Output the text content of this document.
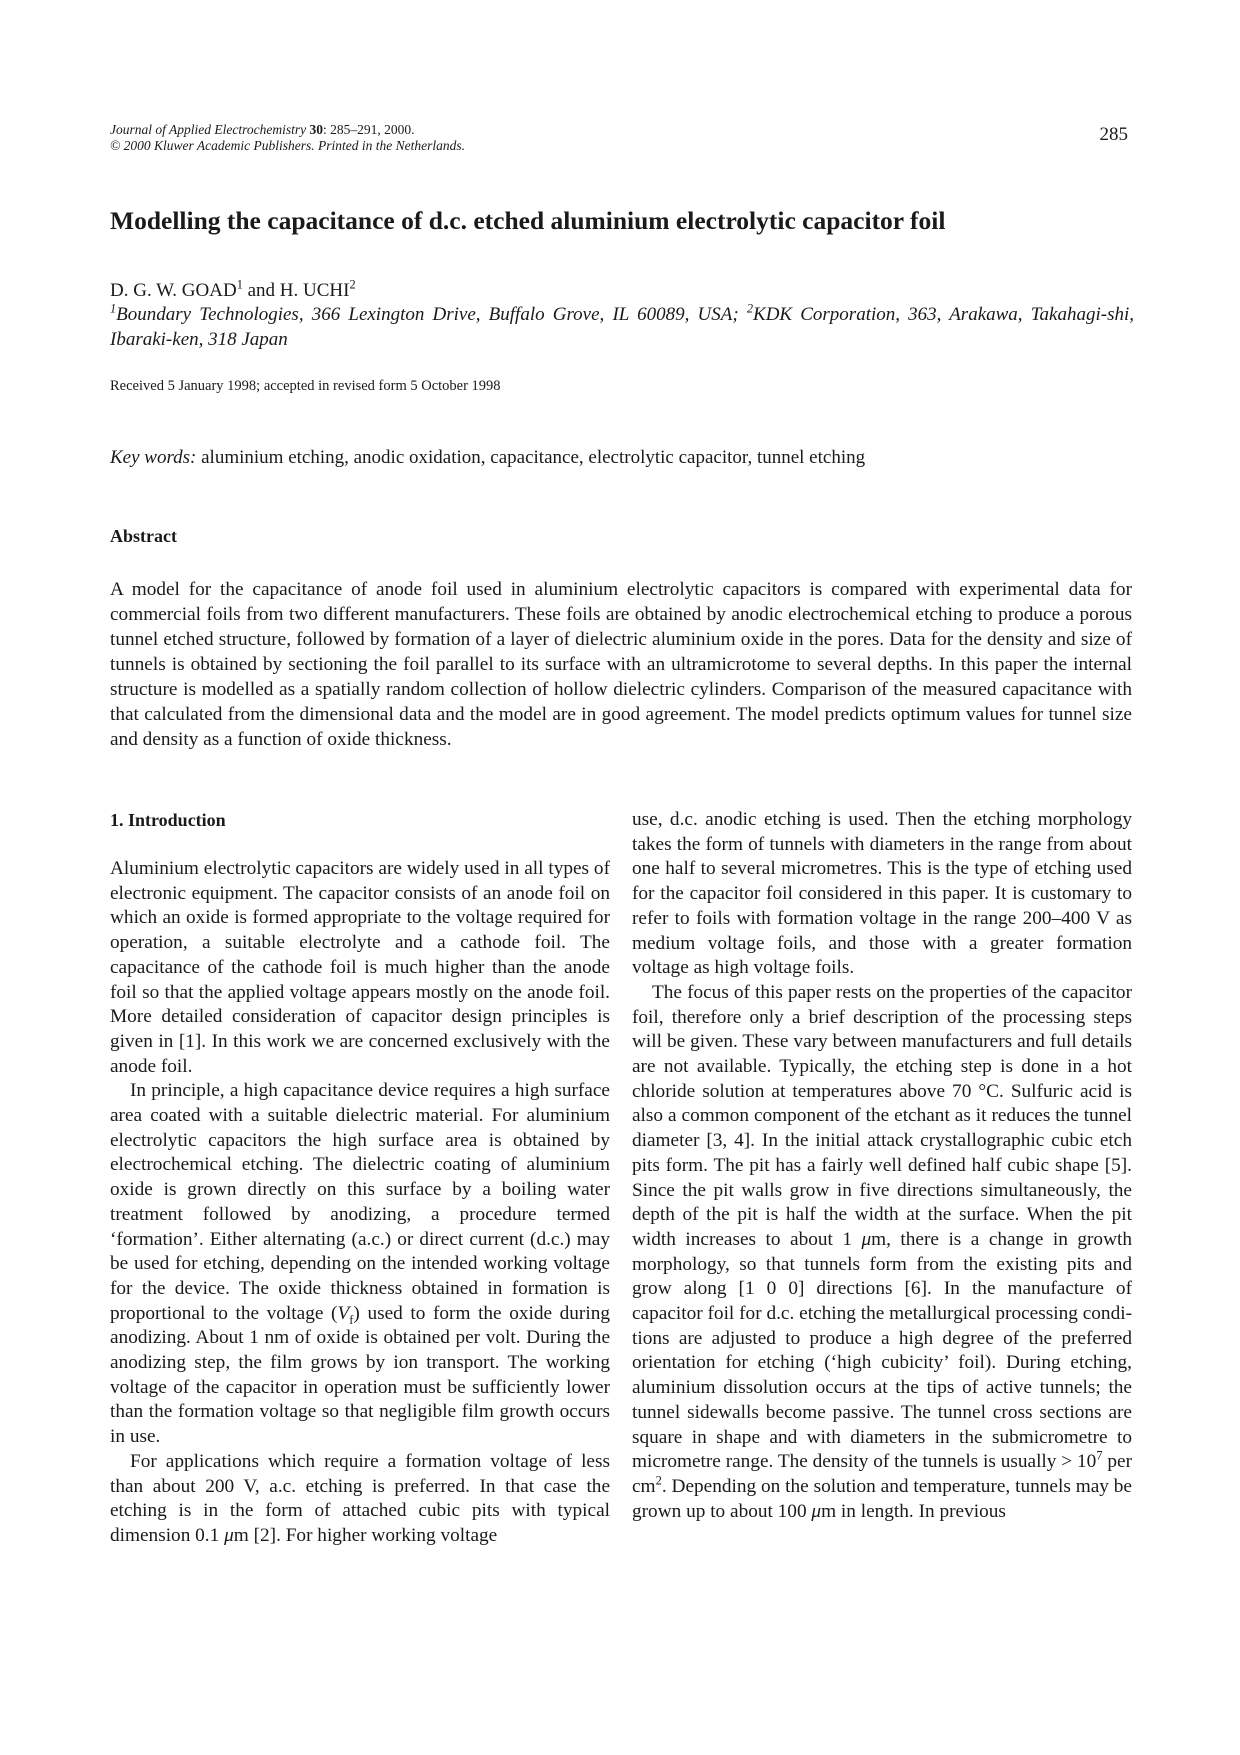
Journal of Applied Electrochemistry 30: 285–291, 2000.
© 2000 Kluwer Academic Publishers. Printed in the Netherlands.
285
Modelling the capacitance of d.c. etched aluminium electrolytic capacitor foil
D. G. W. GOAD$^1$ and H. UCHI$^2$
$^1$Boundary Technologies, 366 Lexington Drive, Buffalo Grove, IL 60089, USA; $^2$KDK Corporation, 363, Arakawa, Takahagi-shi, Ibaraki-ken, 318 Japan
Received 5 January 1998; accepted in revised form 5 October 1998
Key words: aluminium etching, anodic oxidation, capacitance, electrolytic capacitor, tunnel etching
Abstract
A model for the capacitance of anode foil used in aluminium electrolytic capacitors is compared with experimental data for commercial foils from two different manufacturers. These foils are obtained by anodic electrochemical etching to produce a porous tunnel etched structure, followed by formation of a layer of dielectric aluminium oxide in the pores. Data for the density and size of tunnels is obtained by sectioning the foil parallel to its surface with an ultramicrotome to several depths. In this paper the internal structure is modelled as a spatially random collection of hollow dielectric cylinders. Comparison of the measured capacitance with that calculated from the dimensional data and the model are in good agreement. The model predicts optimum values for tunnel size and density as a function of oxide thickness.
1. Introduction

Aluminium electrolytic capacitors are widely used in all types of electronic equipment. The capacitor consists of an anode foil on which an oxide is formed appropriate to the voltage required for operation, a suitable electrolyte and a cathode foil. The capacitance of the cathode foil is much higher than the anode foil so that the applied voltage appears mostly on the anode foil. More detailed consideration of capacitor design principles is given in [1]. In this work we are concerned exclusively with the anode foil.

In principle, a high capacitance device requires a high surface area coated with a suitable dielectric material. For aluminium electrolytic capacitors the high surface area is obtained by electrochemical etching. The dielectric coating of aluminium oxide is grown directly on this surface by a boiling water treatment followed by anodizing, a procedure termed ‘formation’. Either alternating (a.c.) or direct current (d.c.) may be used for etching, depending on the intended working voltage for the device. The oxide thickness obtained in formation is proportional to the voltage $(V_f)$ used to form the oxide during anodizing. About 1 nm of oxide is obtained per volt. During the anodizing step, the film grows by ion transport. The working voltage of the capacitor in operation must be sufficiently lower than the formation voltage so that negligible film growth occurs in use.

For applications which require a formation voltage of less than about 200 V, a.c. etching is preferred. In that case the etching is in the form of attached cubic pits with typical dimension 0.1 μm [2]. For higher working voltage

use, d.c. anodic etching is used. Then the etching morphology takes the form of tunnels with diameters in the range from about one half to several micrometres. This is the type of etching used for the capacitor foil considered in this paper. It is customary to refer to foils with formation voltage in the range 200–400 V as medium voltage foils, and those with a greater formation voltage as high voltage foils.

The focus of this paper rests on the properties of the capacitor foil, therefore only a brief description of the processing steps will be given. These vary between manufacturers and full details are not available. Typically, the etching step is done in a hot chloride solution at temperatures above 70 °C. Sulfuric acid is also a common component of the etchant as it reduces the tunnel diameter [3, 4]. In the initial attack crystallographic cubic etch pits form. The pit has a fairly well defined half cubic shape [5]. Since the pit walls grow in five directions simultaneously, the depth of the pit is half the width at the surface. When the pit width increases to about 1 μm, there is a change in growth morphology, so that tunnels form from the existing pits and grow along [1 0 0] directions [6]. In the manufacture of capacitor foil for d.c. etching the metallurgical processing conditions are adjusted to produce a high degree of the preferred orientation for etching (‘high cubicity’ foil). During etching, aluminium dissolution occurs at the tips of active tunnels; the tunnel sidewalls become passive. The tunnel cross sections are square in shape and with diameters in the submicrometre to micrometre range. The density of the tunnels is usually > $10^7$ per $cm^2$. Depending on the solution and temperature, tunnels may be grown up to about 100 μm in length. In previous
